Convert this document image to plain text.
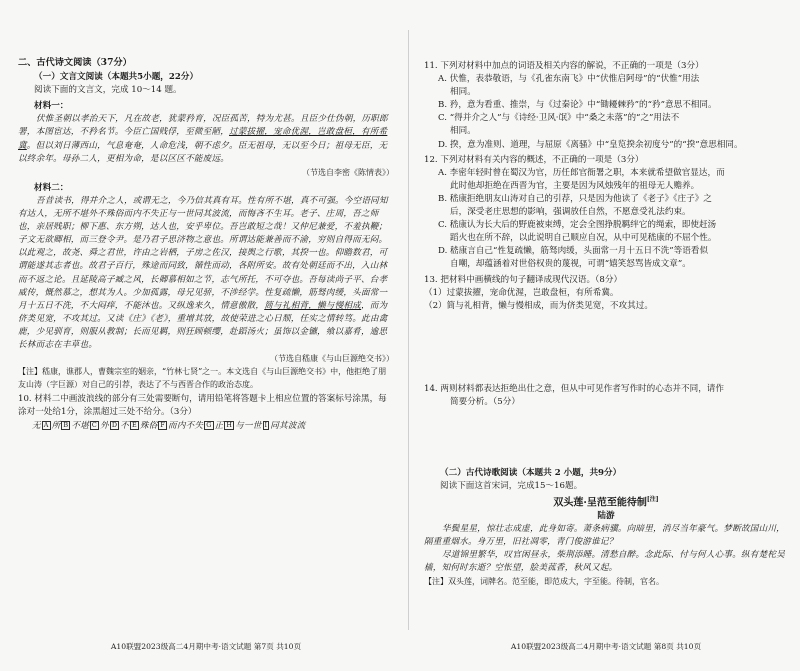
二、古代诗文阅读（37分）

（一）文言文阅读（本题共5小题，22分）

阅读下面的文言文，完成 10～14 题。

材料一：

伏惟圣朝以孝治天下，凡在故老，犹蒙矜育，况臣孤苦，特为尤甚。且臣少仕伪朝，历职郎署，本图宦达，不矜名节。今臣亡国贱俘，至微至陋，过蒙拔擢，宠命优渥，岂敢盘桓，有所希冀。但以刘日薄西山，气息奄奄，人命危浅，朝不虑夕。臣无祖母，无以至今日；祖母无臣，无以终余年。母孙二人，更相为命，是以区区不能废远。

（节选自李密《陈情表》）

材料二：

吾昔读书，得并介之人，或谓无之，今乃信其真有耳。性有所不堪，真不可强。今空语同知有达人，无所不堪外不殊俗而内不失正与一世同其波流，而悔吝不生耳。老子、庄周，吾之师也，亲居贱职；柳下惠、东方朔，达人也，安乎卑位。吾岂敢短之哉！又仲尼兼爱，不羞执鞭；子文无欲卿相，而三登令尹。是乃君子思济物之意也。所谓达能兼善而不渝，穷则自得而无闷。以此观之，故尧、舜之君世，许由之岩栖，子房之佐汉，接舆之行歌，其揆一也。仰瞻数君，可谓能遂其志者也。故君子百行，殊途而同致，循性而动，各附所安。故有处朝廷而不出，入山林而不返之论。且延陵高子臧之风，长卿慕相如之节，志气所托，不可夺也。吾每读尚子平、台孝威传，慨然慕之，想其为人。少加孤露，母兄见骄，不涉经学。性复疏懒，筋驽肉缓，头面常一月十五日不洗，不大闷痒，不能沐也。又纵逸来久，情意傲散，简与礼相背，懒与慢相成，而为侪类见宽，不攻其过。又读《庄》《老》，重增其放，故使荣进之心日颓，任实之情转笃。此由禽鹿，少见驯育，则服从教制；长而见羁，则狂顾顿缨，赴蹈汤火；虽饰以金镳，飨以嘉肴，逾思长林而志在丰草也。

（节选自嵇康《与山巨源绝交书》）

【注】嵇康，谯郡人，曹魏宗室的姻亲，“竹林七贤”之一。本文选自《与山巨源绝交书》中，他拒绝了朋友山涛（字巨源）对自己的引荐，表达了不与西晋合作的政治态度。

10. 材料二中画波浪线的部分有三处需要断句，请用铅笔将答题卡上相应位置的答案标号涂黑，每涂对一处给1分，涂黑超过三处不给分。（3分）

无 A 所 B 不堪 C 外 D 不 E 殊俗 F 而内不失 G 正 H 与一世 I 同其波流

A10联盟2023级高二4月期中考·语文试题 第7页 共10页

11. 下列对材料中加点的词语及相关内容的解说，不正确的一项是（3分）

A. 伏惟，表恭敬语，与《孔雀东南飞》中“伏惟启阿母”的“伏惟”用法

相同。

B. 矜，意为看重、推崇，与《过秦论》中“锄耰棘矜”的“矜”意思不相同。

C. “得并介之人”与《诗经·卫风·氓》中“桑之未落”的“之”用法不

相同。

D. 揆，意为准则、道理，与屈原《离骚》中“皇览揆余初度兮”的“揆”意思相同。

12. 下列对材料有关内容的概述，不正确的一项是（3分）

A. 李密年轻时曾在蜀汉为官，历任郎官衙署之职，本来就希望做官显达，而

此时他却拒绝在西晋为官，主要是因为风烛残年的祖母无人赡养。

B. 嵇康拒绝朋友山涛对自己的引荐，只是因为他读了《老子》《庄子》之

后，深受老庄思想的影响，强调放任自然，不愿意受礼法约束。

C. 嵇康认为长大后的野鹿被束缚，定会全图挣脱羁绊它的绳索，即使赶汤

蹈火也在所不辞，以此说明自己顺应自况，从中可见嵇康的不屈个性。

D. 嵇康言自己“性复疏懒，筋驽肉缓，头面常一月十五日不洗”等语看似

自嘲，却蕴涵着对世俗权贵的蔑视，可谓“嬉笑怒骂皆成文章”。

13. 把材料中画横线的句子翻译成现代汉语。（8分）

（1）过蒙拔擢，宠命优渥，岂敢盘桓，有所希冀。

（2）简与礼相背，懒与慢相成，而为侪类见宽，不攻其过。

14. 两则材料都表达拒绝出仕之意，但从中可见作者写作时的心态并不同，请作

简要分析。（5分）

（二）古代诗歌阅读（本题共 2 小题，共9分）

阅读下面这首宋词，完成15～16题。

双头莲·呈范至能待制[注]

陆游

华鬓星星，惊壮志成虚，此身如寄。萧条病骥。向暗里，消尽当年豪气。梦断故国山川，隔重重烟水。身万里，旧社凋零，青门俊游谁记？

尽道锦里繁华，叹官闲昼永，柴荆添睡。清愁自醉。念此际、付与何人心事。纵有楚柁吴樯，知何时东逝？空怅望，脍美菰香，秋风又起。

【注】双头莲，词牌名。范至能，即范成大，字至能。待制，官名。

A10联盟2023级高二4月期中考·语文试题 第8页 共10页
